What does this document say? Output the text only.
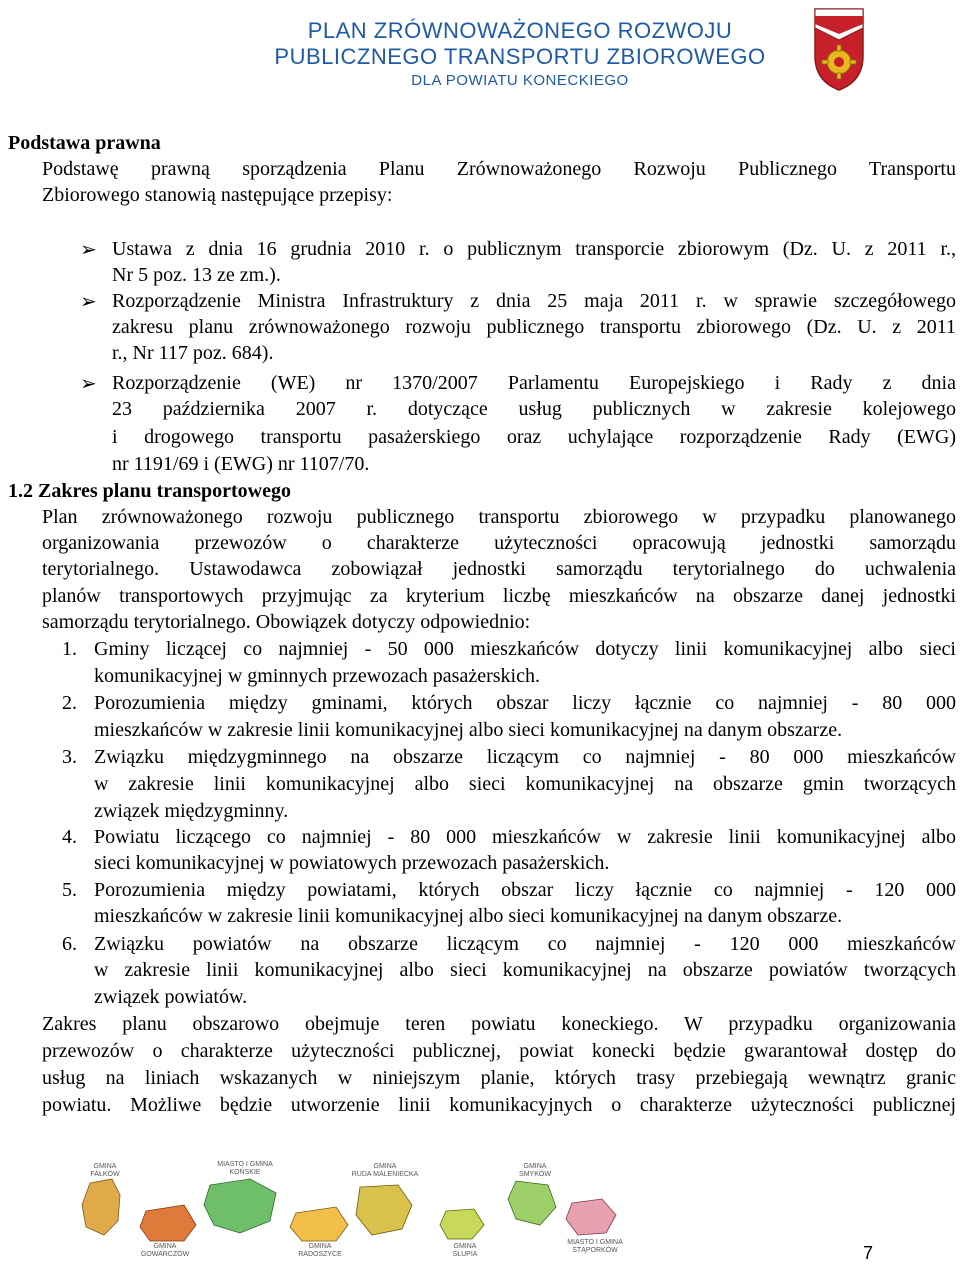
PLAN ZRÓWNOWAŻONEGO ROZWOJU
PUBLICZNEGO TRANSPORTU ZBIOROWEGO
DLA POWIATU KONECKIEGO
Podstawa prawna
Podstawę prawną sporządzenia Planu Zrównoważonego Rozwoju Publicznego Transportu
Zbiorowego stanowią następujące przepisy:
➢ Ustawa z dnia 16 grudnia 2010 r. o publicznym transporcie zbiorowym (Dz. U. z 2011 r.,
Nr 5 poz. 13 ze zm.).
➢ Rozporządzenie Ministra Infrastruktury z dnia 25 maja 2011 r. w sprawie szczegółowego
zakresu planu zrównoważonego rozwoju publicznego transportu zbiorowego (Dz. U. z 2011
r., Nr 117 poz. 684).
➢ Rozporządzenie (WE) nr 1370/2007 Parlamentu Europejskiego i Rady z dnia
23 października 2007 r. dotyczące usług publicznych w zakresie kolejowego
i drogowego transportu pasażerskiego oraz uchylające rozporządzenie Rady (EWG)
nr 1191/69 i (EWG) nr 1107/70.
1.2 Zakres planu transportowego
Plan zrównoważonego rozwoju publicznego transportu zbiorowego w przypadku planowanego
organizowania przewozów o charakterze użyteczności opracowują jednostki samorządu
terytorialnego. Ustawodawca zobowiązał jednostki samorządu terytorialnego do uchwalenia
planów transportowych przyjmując za kryterium liczbę mieszkańców na obszarze danej jednostki
samorządu terytorialnego. Obowiązek dotyczy odpowiednio:
1. Gminy liczącej co najmniej - 50 000 mieszkańców dotyczy linii komunikacyjnej albo sieci
komunikacyjnej w gminnych przewozach pasażerskich.
2. Porozumienia między gminami, których obszar liczy łącznie co najmniej - 80 000
mieszkańców w zakresie linii komunikacyjnej albo sieci komunikacyjnej na danym obszarze.
3. Związku międzygminnego na obszarze liczącym co najmniej - 80 000 mieszkańców
w zakresie linii komunikacyjnej albo sieci komunikacyjnej na obszarze gmin tworzących
związek międzygminny.
4. Powiatu liczącego co najmniej - 80 000 mieszkańców w zakresie linii komunikacyjnej albo
sieci komunikacyjnej w powiatowych przewozach pasażerskich.
5. Porozumienia między powiatami, których obszar liczy łącznie co najmniej - 120 000
mieszkańców w zakresie linii komunikacyjnej albo sieci komunikacyjnej na danym obszarze.
6. Związku powiatów na obszarze liczącym co najmniej - 120 000 mieszkańców
w zakresie linii komunikacyjnej albo sieci komunikacyjnej na obszarze powiatów tworzących
związek powiatów.
Zakres planu obszarowo obejmuje teren powiatu koneckiego. W przypadku organizowania
przewozów o charakterze użyteczności publicznej, powiat konecki będzie gwarantował dostęp do
usług na liniach wskazanych w niniejszym planie, których trasy przebiegają wewnątrz granic
powiatu. Możliwe będzie utworzenie linii komunikacyjnych o charakterze użyteczności publicznej
GMINA
FAŁKÓW
MIASTO I GMINA
KOŃSKIE
GMINA
RUDA MALENIECKA
GMINA
SMYKÓW
GMINA
GOWARCZÓW
GMINA
RADOSZYCE
GMINA
SŁUPIA
MIASTO I GMINA
STĄPORKÓW	7
